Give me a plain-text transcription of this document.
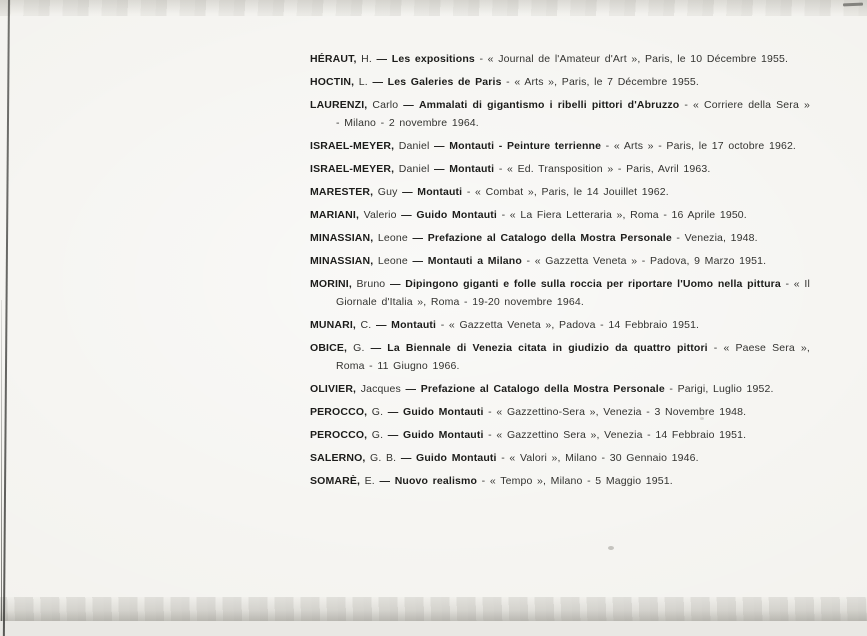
HÉRAUT, H. — Les expositions - « Journal de l'Amateur d'Art », Paris, le 10 Décembre 1955.

HOCTIN, L. — Les Galeries de Paris - « Arts », Paris, le 7 Décembre 1955.

LAURENZI, Carlo — Ammalati di gigantismo i ribelli pittori d'Abruzzo - « Corriere della Sera » - Milano - 2 novembre 1964.

ISRAEL-MEYER, Daniel — Montauti - Peinture terrienne - « Arts » - Paris, le 17 octobre 1962.

ISRAEL-MEYER, Daniel — Montauti - « Ed. Transposition » - Paris, Avril 1963.

MARESTER, Guy — Montauti - « Combat », Paris, le 14 Jouillet 1962.

MARIANI, Valerio — Guido Montauti - « La Fiera Letteraria », Roma - 16 Aprile 1950.

MINASSIAN, Leone — Prefazione al Catalogo della Mostra Personale - Venezia, 1948.

MINASSIAN, Leone — Montauti a Milano - « Gazzetta Veneta » - Padova, 9 Marzo 1951.

MORINI, Bruno — Dipingono giganti e folle sulla roccia per riportare l'Uomo nella pittura - « Il Giornale d'Italia », Roma - 19-20 novembre 1964.

MUNARI, C. — Montauti - « Gazzetta Veneta », Padova - 14 Febbraio 1951.

OBICE, G. — La Biennale di Venezia citata in giudizio da quattro pittori - « Paese Sera », Roma - 11 Giugno 1966.

OLIVIER, Jacques — Prefazione al Catalogo della Mostra Personale - Parigi, Luglio 1952.

PEROCCO, G. — Guido Montauti - « Gazzettino-Sera », Venezia - 3 Novembre 1948.

PEROCCO, G. — Guido Montauti - « Gazzettino Sera », Venezia - 14 Febbraio 1951.

SALERNO, G. B. — Guido Montauti - « Valori », Milano - 30 Gennaio 1946.

SOMARÈ, E. — Nuovo realismo - « Tempo », Milano - 5 Maggio 1951.
